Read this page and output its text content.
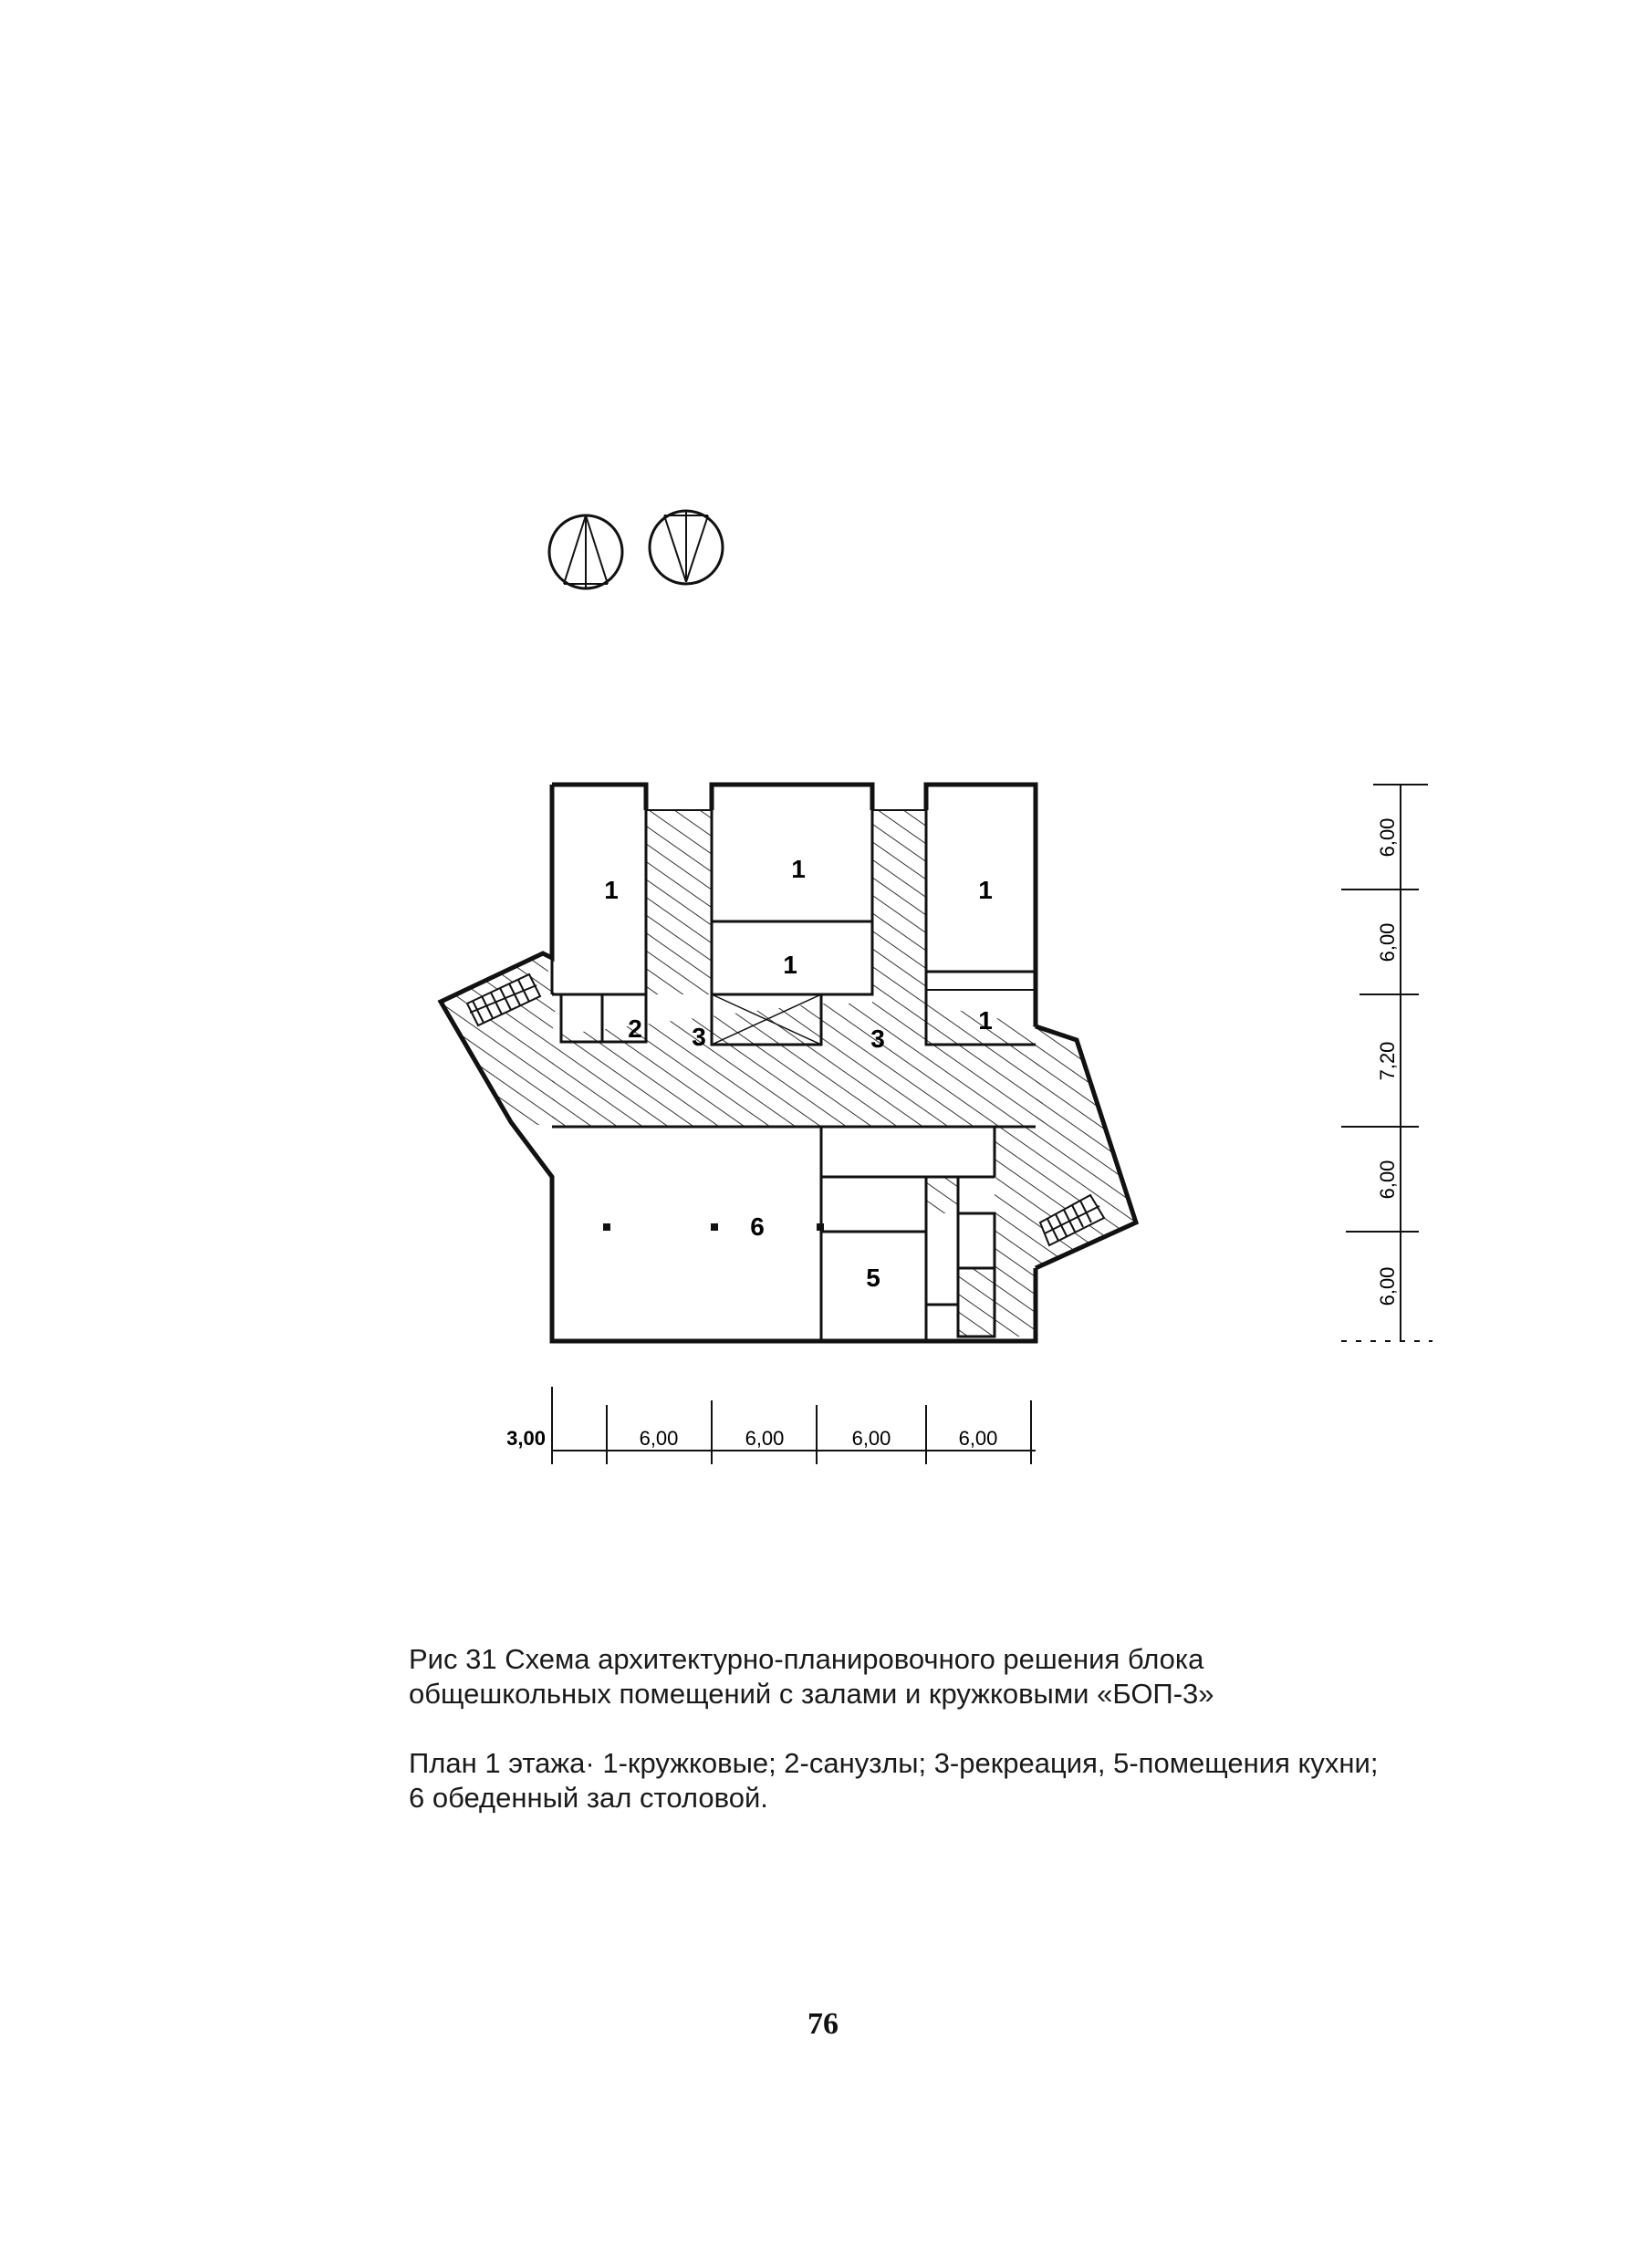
1
1
1
1
1
2 3	3
5
6
3,00	6,00	6,00	6,00	6,00
6,00
6,00
7,20
6,00
6,00
Рис 31 Схема архитектурно-планировочного решения блока
общешкольных помещений с залами и кружковыми «БОП-3»
План 1 этажа· 1-кружковые; 2-санузлы; 3-рекреация, 5-помещения кухни;
6 обеденный зал столовой.
76
